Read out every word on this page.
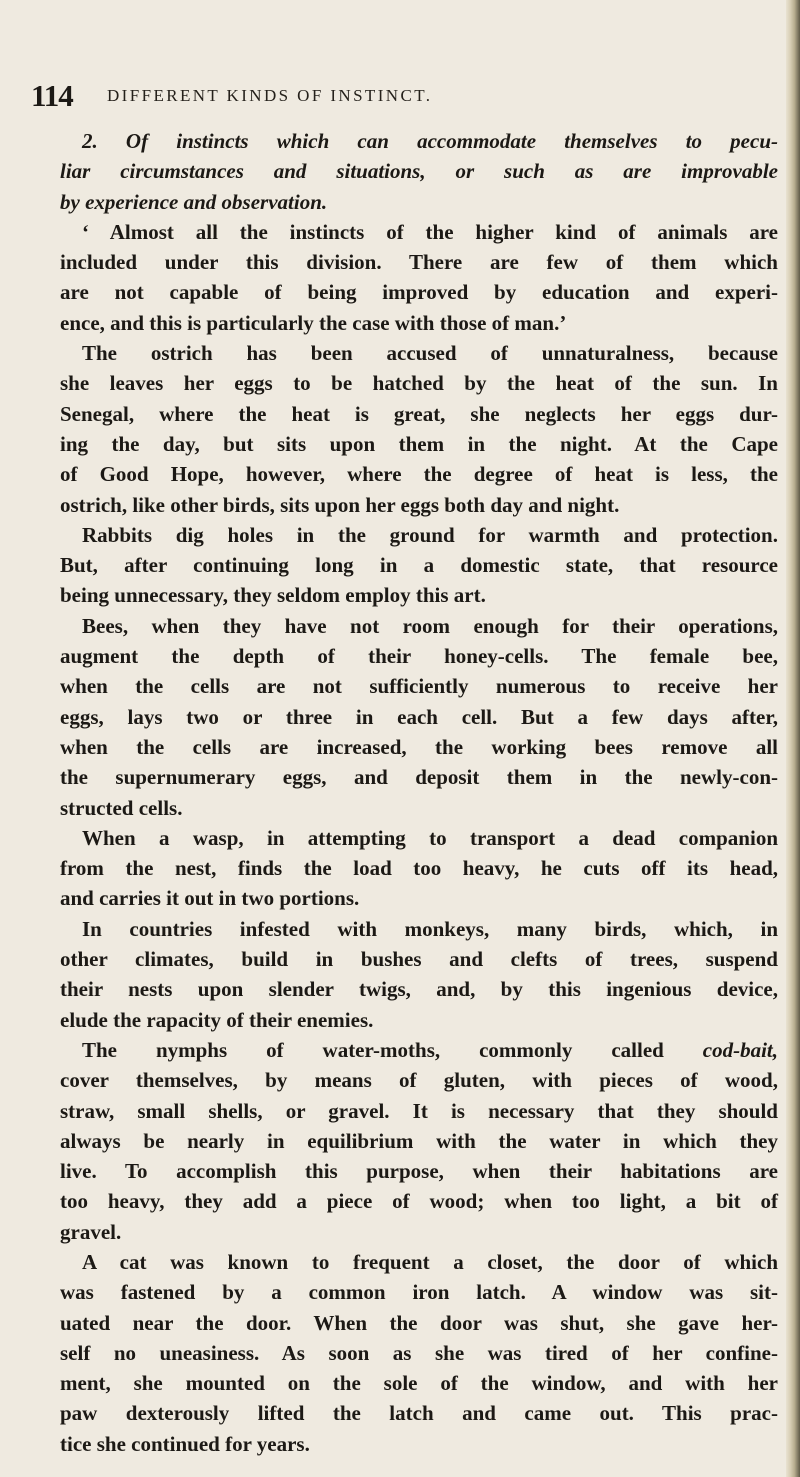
114 DIFFERENT KINDS OF INSTINCT.
2. Of instincts which can accommodate themselves to pecu-
liar circumstances and situations, or such as are improvable
by experience and observation.
‘ Almost all the instincts of the higher kind of animals are
included under this division. There are few of them which
are not capable of being improved by education and experi-
ence, and this is particularly the case with those of man.’
The ostrich has been accused of unnaturalness, because
she leaves her eggs to be hatched by the heat of the sun. In
Senegal, where the heat is great, she neglects her eggs dur-
ing the day, but sits upon them in the night. At the Cape
of Good Hope, however, where the degree of heat is less, the
ostrich, like other birds, sits upon her eggs both day and night.
Rabbits dig holes in the ground for warmth and protection.
But, after continuing long in a domestic state, that resource
being unnecessary, they seldom employ this art.
Bees, when they have not room enough for their operations,
augment the depth of their honey-cells. The female bee,
when the cells are not sufficiently numerous to receive her
eggs, lays two or three in each cell. But a few days after,
when the cells are increased, the working bees remove all
the supernumerary eggs, and deposit them in the newly-con-
structed cells.
When a wasp, in attempting to transport a dead companion
from the nest, finds the load too heavy, he cuts off its head,
and carries it out in two portions.
In countries infested with monkeys, many birds, which, in
other climates, build in bushes and clefts of trees, suspend
their nests upon slender twigs, and, by this ingenious device,
elude the rapacity of their enemies.
The nymphs of water-moths, commonly called cod-bait,
cover themselves, by means of gluten, with pieces of wood,
straw, small shells, or gravel. It is necessary that they should
always be nearly in equilibrium with the water in which they
live. To accomplish this purpose, when their habitations are
too heavy, they add a piece of wood; when too light, a bit of
gravel.
A cat was known to frequent a closet, the door of which
was fastened by a common iron latch. A window was sit-
uated near the door. When the door was shut, she gave her-
self no uneasiness. As soon as she was tired of her confine-
ment, she mounted on the sole of the window, and with her
paw dexterously lifted the latch and came out. This prac-
tice she continued for years.
